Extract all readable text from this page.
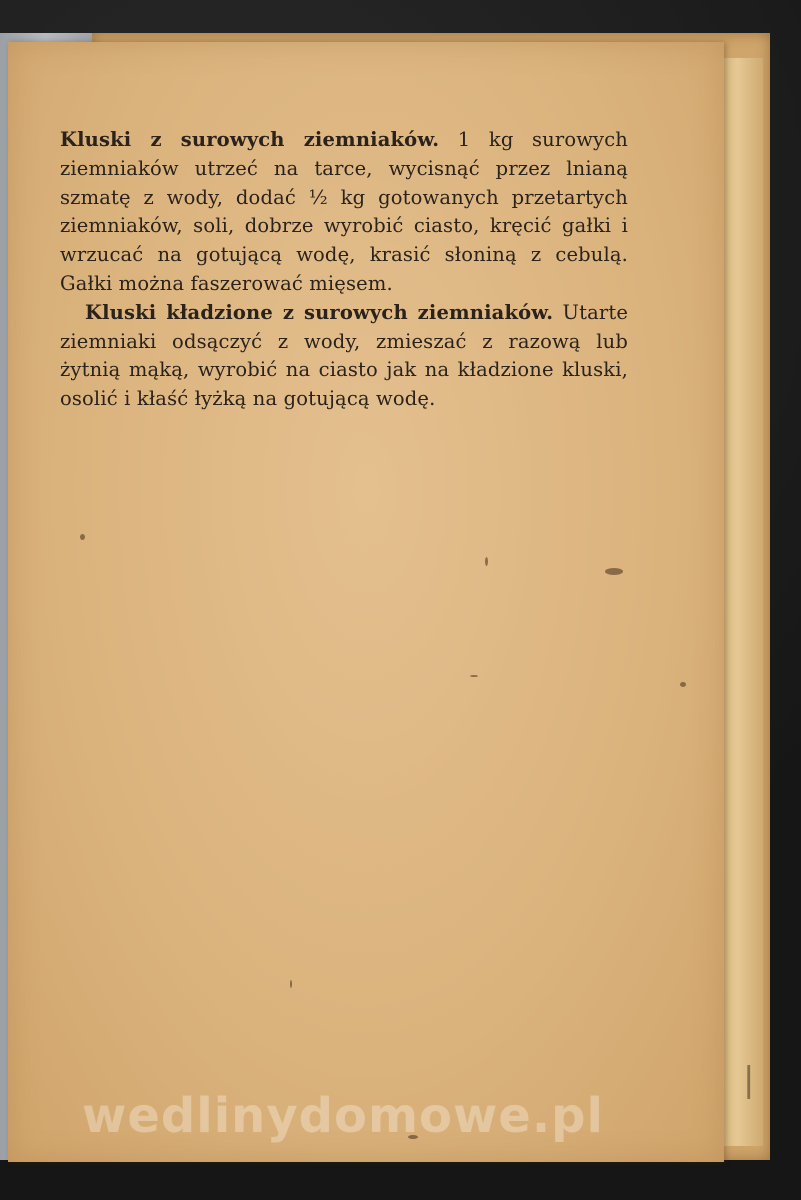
Kluski z surowych ziemniaków. 1 kg surowych ziemniaków utrzeć na tarce, wycisnąć przez lnianą szmatę z wody, dodać ½ kg gotowanych przetartych ziemniaków, soli, dobrze wyrobić ciasto, kręcić gałki i wrzucać na gotującą wodę, krasić słoniną z cebulą. Gałki można faszerować mięsem.

Kluski kładzione z surowych ziemniaków. Utarte ziemniaki odsączyć z wody, zmieszać z razową lub żytnią mąką, wyrobić na ciasto jak na kładzione kluski, osolić i kłaść łyżką na gotującą wodę.

|
wedlinydomowe.pl
